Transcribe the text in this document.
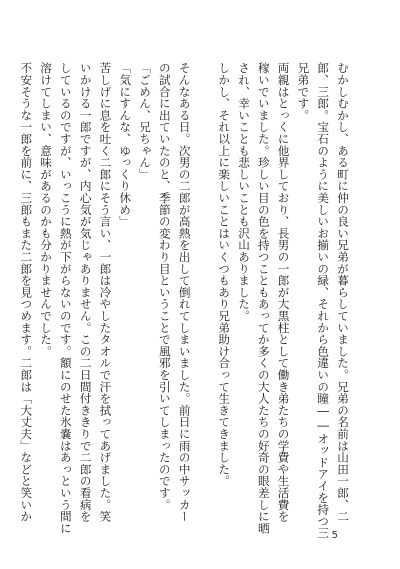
むかしむかし、ある町に仲の良い兄弟が暮らしていました。兄弟の名前は山田一郎、二
郎、三郎。宝石のように美しいお揃いの緑、それから色違いの瞳――オッドアイを持つ三
兄弟です。
両親はとっくに他界しており、長男の一郎が大黒柱として働き弟たちの学費や生活費を
稼いでいました。珍しい目の色を持つこともあってか多くの大人たちの好奇の眼差しに晒
され、幸いことも悲しいことも沢山ありました。
しかし、それ以上に楽しいことはいくつもあり兄弟助け合って生きてきました。
そんなある日。次男の二郎が高熱を出して倒れてしまいました。前日に雨の中サッカー
の試合に出ていたのと、季節の変わり目ということで風邪を引いてしまったのです。
「ごめん、兄ちゃん」
「気にすんな、ゆっくり休め」
苦しげに息を吐く二郎にそう言い、一郎は冷やしたタオルで汗を拭ってあげました。笑
いかける一郎ですが、内心気が気じゃありません。この二日間付ききりで二郎の看病を
しているのですが、いっこうに熱が下がらないのです。額にのせた氷嚢はあっという間に
溶けてしまい、意味があるのかも分かりませんでした。
不安そうな一郎を前に、三郎もまた二郎を見つめます。二郎は「大丈夫」などと笑いか
5
